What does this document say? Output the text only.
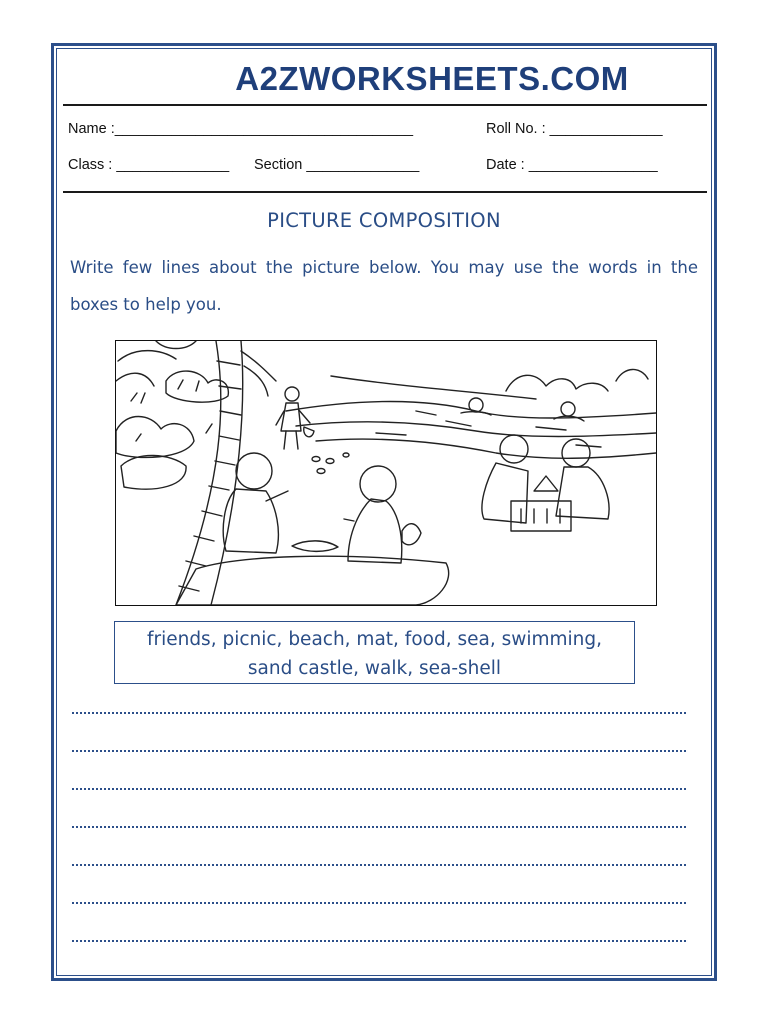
A2ZWORKSHEETS.COM
Name :_____________________________________	Roll No. : ______________
Class : ______________ Section ______________	Date : ________________
PICTURE COMPOSITION
Write few lines about the picture below. You may use the words in the boxes to help you.
friends, picnic, beach, mat, food, sea, swimming,
sand castle, walk, sea-shell
